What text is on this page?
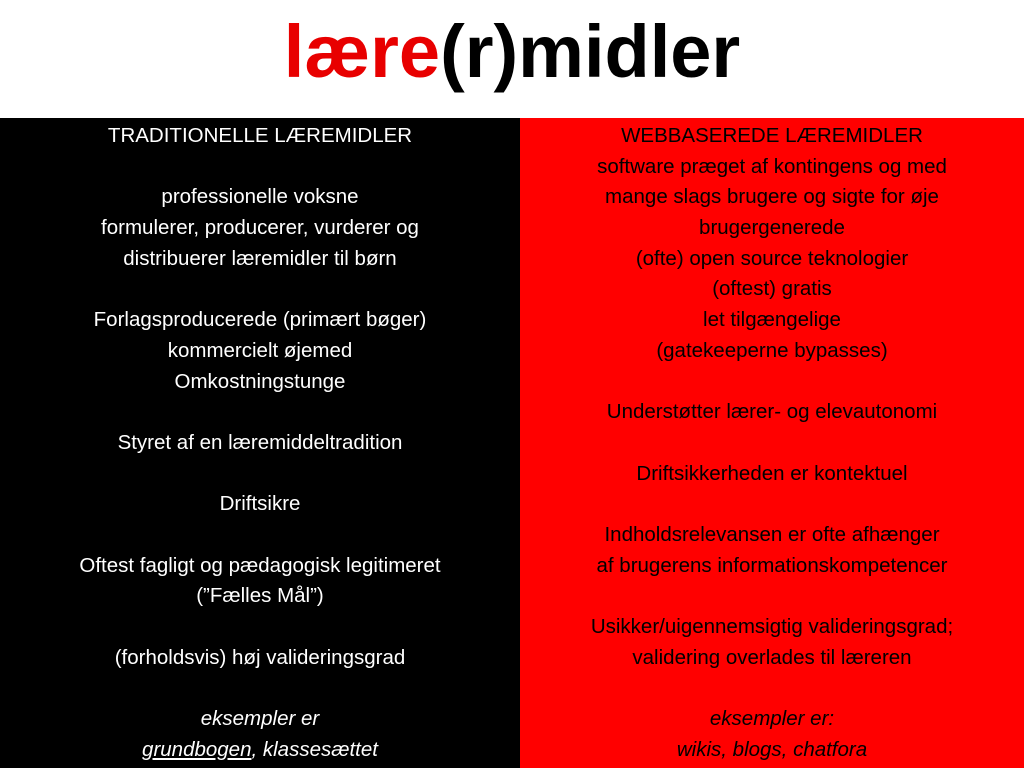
lære(r)midler
TRADITIONELLE LÆREMIDLER
professionelle voksne
formulerer, producerer, vurderer og
distribuerer læremidler til børn
Forlagsproducerede (primært bøger)
kommercielt øjemed
Omkostningstunge
Styret af en læremiddeltradition
Driftsikre
Oftest fagligt og pædagogisk legitimeret
(”Fælles Mål”)
(forholdsvis) høj valideringsgrad
eksempler er
grundbogen, klassesættet
WEBBASEREDE LÆREMIDLER
software præget af kontingens og med
mange slags brugere og sigte for øje
brugergenerede
(ofte) open source teknologier
(oftest) gratis
let tilgængelige
(gatekeeperne bypasses)
Understøtter lærer- og elevautonomi
Driftsikkerheden er kontektuel
Indholdsrelevansen er ofte afhænger
af brugerens informationskompetencer
Usikker/uigennemsigtig valideringsgrad;
validering overlades til læreren
eksempler er:
wikis, blogs, chatfora
